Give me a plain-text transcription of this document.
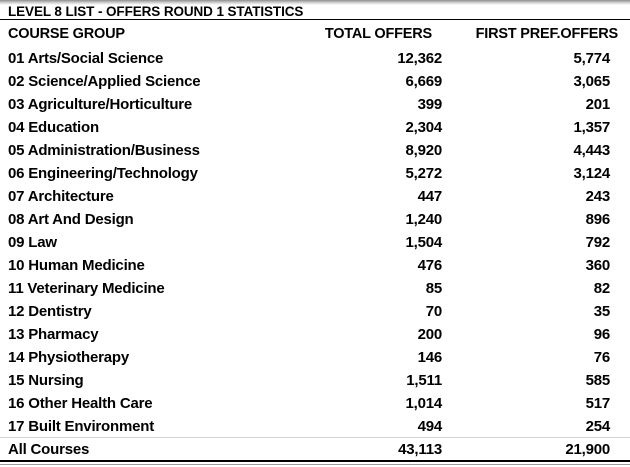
LEVEL 8 LIST - OFFERS ROUND 1 STATISTICS
COURSE GROUP	TOTAL OFFERS	FIRST PREF.OFFERS
01 Arts/Social Science	12,362	5,774
02 Science/Applied Science	6,669	3,065
03 Agriculture/Horticulture	399	201
04 Education	2,304	1,357
05 Administration/Business	8,920	4,443
06 Engineering/Technology	5,272	3,124
07 Architecture	447	243
08 Art And Design	1,240	896
09 Law	1,504	792
10 Human Medicine	476	360
11 Veterinary Medicine	85	82
12 Dentistry	70	35
13 Pharmacy	200	96
14 Physiotherapy	146	76
15 Nursing	1,511	585
16 Other Health Care	1,014	517
17 Built Environment	494	254
All Courses	43,113	21,900
